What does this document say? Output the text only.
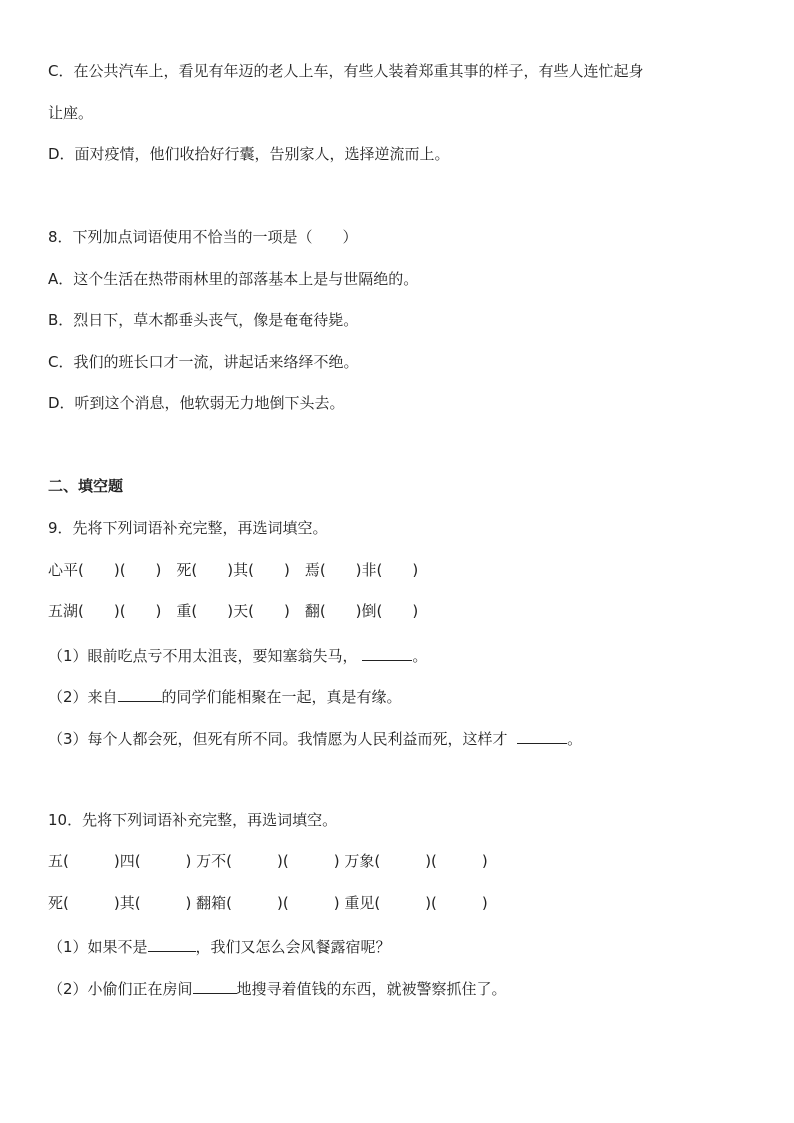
C．在公共汽车上，看见有年迈的老人上车，有些人装着郑重其事的样子，有些人连忙起身
让座。
D．面对疫情，他们收拾好行囊，告别家人，选择逆流而上。
8．下列加点词语使用不恰当的一项是（　　）
A．这个生活在热带雨林里的部落基本上是与世隔绝的。
B．烈日下，草木都垂头丧气，像是奄奄待毙。
C．我们的班长口才一流，讲起话来络绎不绝。
D．听到这个消息，他软弱无力地倒下头去。
二、填空题
9．先将下列词语补充完整，再选词填空。
心平(　　)(　　)　死(　　)其(　　)　焉(　　)非(　　)
五湖(　　)(　　)　重(　　)天(　　)　翻(　　)倒(　　)
（1）眼前吃点亏不用太沮丧，要知塞翁失马，	。
（2）来自	的同学们能相聚在一起，真是有缘。
（3）每个人都会死，但死有所不同。我情愿为人民利益而死，这样才	。
10．先将下列词语补充完整，再选词填空。
五(　　　)四(　　　) 万不(　　　)(　　　) 万象(　　　)(　　　)
死(　　　)其(　　　) 翻箱(　　　)(　　　) 重见(　　　)(　　　)
（1）如果不是	，我们又怎么会风餐露宿呢？
（2）小偷们正在房间	地搜寻着值钱的东西，就被警察抓住了。
